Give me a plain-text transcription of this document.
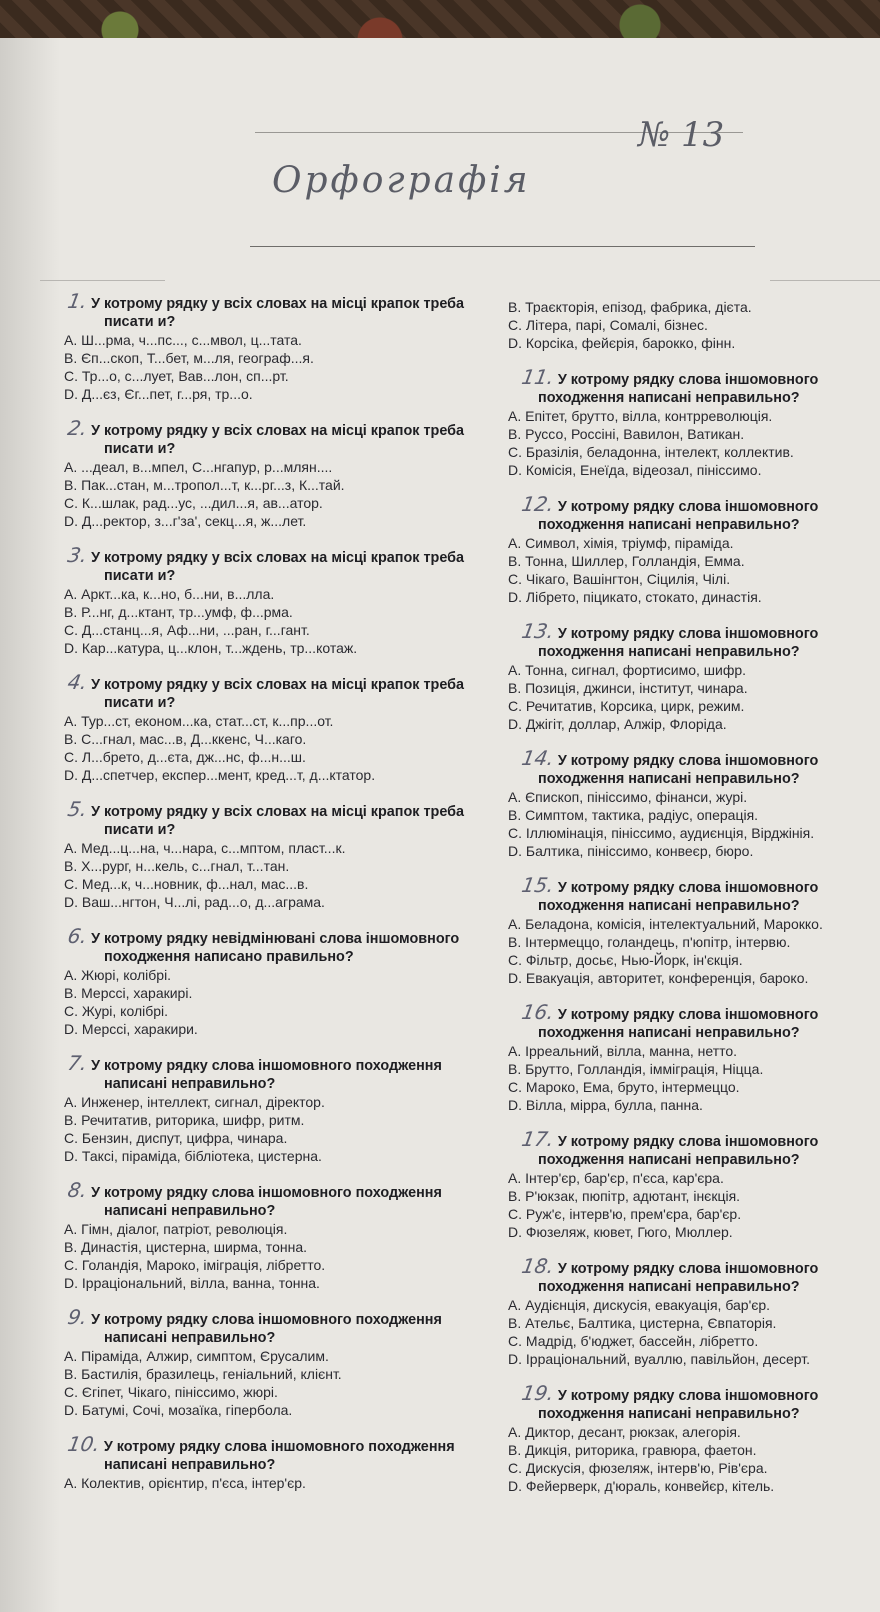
№ 13
Орфографія
1. У котрому рядку у всіх словах на місці крапок треба писати и?
А. Ш...рма, ч...пс..., с...мвол, ц...тата.
В. Єп...скоп, Т...бет, м...ля, географ...я.
С. Тр...о, с...лует, Вав...лон, сп...рт.
D. Д...єз, Єг...пет, г...ря, тр...о.
2. У котрому рядку у всіх словах на місці крапок треба писати и?
А. ...деал, в...мпел, С...нгапур, р...млян....
В. Пак...стан, м...тропол...т, к...рг...з, К...тай.
С. К...шлак, рад...ус, ...дил...я, ав...атор.
D. Д...ректор, з...г'за', секц...я, ж...лет.
3. У котрому рядку у всіх словах на місці крапок треба писати и?
А. Аркт...ка, к...но, б...ни, в...лла.
В. Р...нг, д...ктант, тр...умф, ф...рма.
С. Д...станц...я, Аф...ни, ...ран, г...гант.
D. Кар...катура, ц...клон, т...ждень, тр...котаж.
4. У котрому рядку у всіх словах на місці крапок треба писати и?
А. Тур...ст, економ...ка, стат...ст, к...пр...от.
В. С...гнал, мас...в, Д...ккенс, Ч...каго.
С. Л...брето, д...єта, дж...нс, ф...н...ш.
D. Д...спетчер, експер...мент, кред...т, д...ктатор.
5. У котрому рядку у всіх словах на місці крапок треба писати и?
А. Мед...ц...на, ч...нара, с...мптом, пласт...к.
В. Х...рург, н...кель, с...гнал, т...тан.
С. Мед...к, ч...новник, ф...нал, мас...в.
D. Ваш...нгтон, Ч...лі, рад...о, д...аграма.
6. У котрому рядку невідмінювані слова іншомовного походження написано правильно?
А. Жюрі, колібрі.
В. Мерссі, харакирі.
С. Журі, колібрі.
D. Мерссі, харакири.
7. У котрому рядку слова іншомовного походження написані неправильно?
А. Инженер, інтеллект, сигнал, діректор.
В. Речитатив, риторика, шифр, ритм.
С. Бензин, диспут, цифра, чинара.
D. Таксі, піраміда, бібліотека, цистерна.
8. У котрому рядку слова іншомовного походження написані неправильно?
А. Гімн, діалог, патріот, революція.
В. Династія, цистерна, ширма, тонна.
С. Голандія, Мароко, іміграція, лібретто.
D. Ірраціональний, вілла, ванна, тонна.
9. У котрому рядку слова іншомовного походження написані неправильно?
А. Піраміда, Алжир, симптом, Єрусалим.
В. Бастилія, бразилець, геніальний, клієнт.
С. Єгіпет, Чікаго, пініссимо, жюрі.
D. Батумі, Сочі, мозаїка, гіпербола.
10. У котрому рядку слова іншомовного походження написані неправильно?
А. Колектив, орієнтир, п'єса, інтер'єр.
В. Траєкторія, епізод, фабрика, дієта.
С. Літера, парі, Сомалі, бізнес.
D. Корсіка, фейєрія, барокко, фінн.
11. У котрому рядку слова іншомовного походження написані неправильно?
А. Епітет, брутто, вілла, контрреволюція.
В. Руссо, Россіні, Вавилон, Ватикан.
С. Бразілія, беладонна, інтелект, коллектив.
D. Комісія, Енеїда, відеозал, пініссимо.
12. У котрому рядку слова іншомовного походження написані неправильно?
А. Символ, хімія, тріумф, піраміда.
В. Тонна, Шиллер, Голландія, Емма.
С. Чікаго, Вашінгтон, Сіцилія, Чілі.
D. Лібрето, піцикато, стокато, династія.
13. У котрому рядку слова іншомовного походження написані неправильно?
А. Тонна, сигнал, фортисимо, шифр.
В. Позиція, джинси, інститут, чинара.
С. Речитатив, Корсика, цирк, режим.
D. Джігіт, доллар, Алжір, Флоріда.
14. У котрому рядку слова іншомовного походження написані неправильно?
А. Єпископ, пініссимо, фінанси, журі.
В. Симптом, тактика, радіус, операція.
С. Іллюмінація, пініссимо, аудиєнція, Вірджінія.
D. Балтика, пініссимо, конвеєр, бюро.
15. У котрому рядку слова іншомовного походження написані неправильно?
А. Беладона, комісія, інтелектуальний, Марокко.
В. Інтермеццо, голандець, п'юпітр, інтервю.
С. Фільтр, досьє, Нью-Йорк, ін'єкція.
D. Евакуація, авторитет, конференція, бароко.
16. У котрому рядку слова іншомовного походження написані неправильно?
А. Ірреальний, вілла, манна, нетто.
В. Брутто, Голландія, імміграція, Ніцца.
С. Мароко, Ема, бруто, інтермеццо.
D. Вілла, мірра, булла, панна.
17. У котрому рядку слова іншомовного походження написані неправильно?
А. Інтер'єр, бар'єр, п'єса, кар'єра.
В. Р'юкзак, пюпітр, адютант, інєкція.
С. Руж'є, інтерв'ю, прем'єра, бар'єр.
D. Фюзеляж, кювет, Гюго, Мюллер.
18. У котрому рядку слова іншомовного походження написані неправильно?
А. Аудієнція, дискусія, евакуація, бар'єр.
В. Ательє, Балтика, цистерна, Євпаторія.
С. Мадрід, б'юджет, бассейн, лібретто.
D. Ірраціональний, вуаллю, павільйон, десерт.
19. У котрому рядку слова іншомовного походження написані неправильно?
А. Диктор, десант, рюкзак, алегорія.
В. Дикція, риторика, гравюра, фаетон.
С. Дискусія, фюзеляж, інтерв'ю, Рів'єра.
D. Фейерверк, д'юраль, конвейєр, кітель.
